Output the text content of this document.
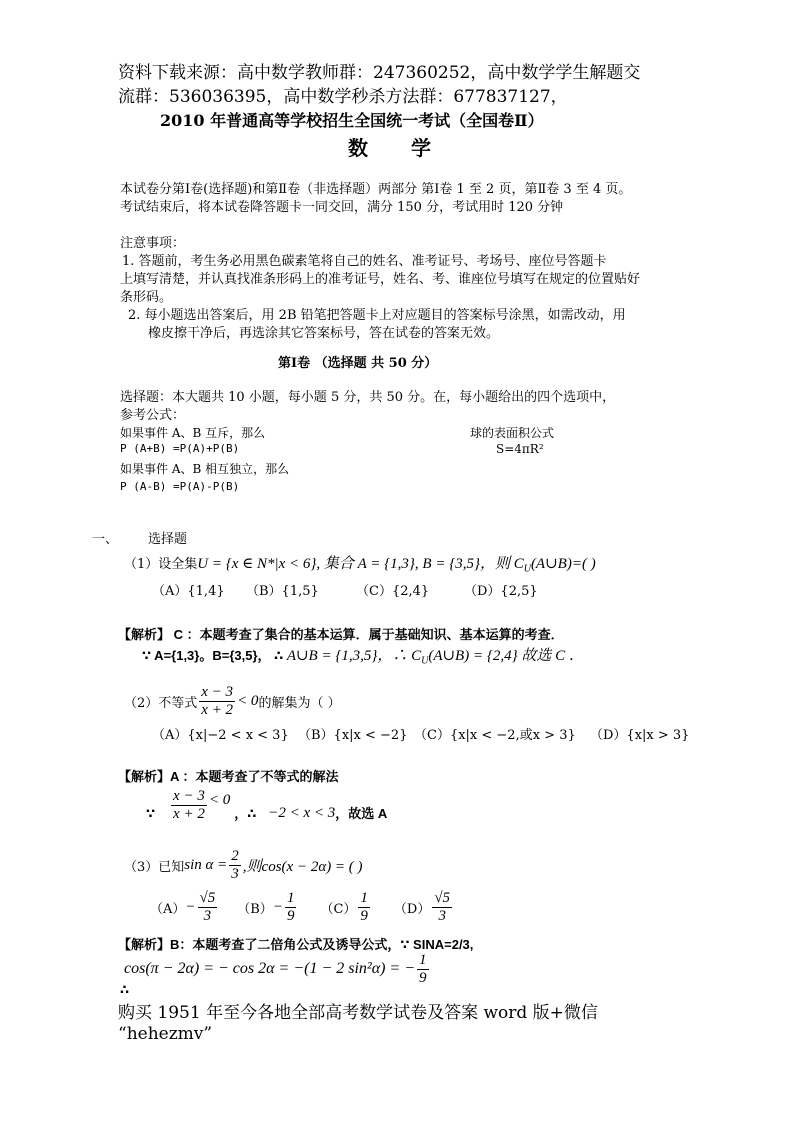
资料下载来源：高中数学教师群：247360252，高中数学学生解题交
流群：536036395，高中数学秒杀方法群：677837127，
2010 年普通高等学校招生全国统一考试（全国卷Ⅱ）
数 学
本试卷分第Ⅰ卷(选择题)和第Ⅱ卷（非选择题）两部分 第Ⅰ卷 1 至 2 页，第Ⅱ卷 3 至 4 页。
考试结束后，将本试卷降答题卡一同交回，满分 150 分，考试用时 120 分钟
注意事项：
1. 答题前，考生务必用黑色碳素笔将自己的姓名、准考证号、考场号、座位号答题卡
上填写清楚，并认真找准条形码上的准考证号，姓名、考、谁座位号填写在规定的位置贴好
条形码。
2. 每小题选出答案后，用 2B 铅笔把答题卡上对应题目的答案标号涂黑，如需改动，用
橡皮擦干净后，再选涂其它答案标号，答在试卷的答案无效。
第Ⅰ卷 （选择题 共 50 分）
选择题：本大题共 10 小题，每小题 5 分，共 50 分。在，每小题给出的四个选项中，
参考公式：
如果事件 A、B 互斥，那么
P (A+B) =P(A)+P(B)
如果事件 A、B 相互独立，那么
P (A-B) =P(A)-P(B)
球的表面积公式
S=4πR²
一、 选择题
（1）设全集U = {x ∈ N*|x < 6}, 集合 A = {1,3}, B = {3,5}，则 $C_U(A\cup B)=$( )
（A）{1,4} （B）{1,5}	（C）{2,4}	（D）{2,5}
【解析】 C ：本题考查了集合的基本运算．属于基础知识、基本运算的考查．
∵ A={1,3}。B={3,5}， ∴ A∪B = {1,3,5}，∴ $C_U(A\cup B) = \{2,4\}$ 故选 C ．
（2）不等式 $\frac{x - 3}{x + 2} < 0$ 的解集为（ ）
（A）{x|−2 < x < 3} （B）{x|x < −2} （C）{x|x < −2,或x > 3} （D）{x|x > 3}
【解析】A ：本题考查了不等式的解法
∵ $\frac{x - 3}{x + 2} < 0$
，∴ −2 < x < 3 ，故选 A
（3）已知 $\sin \alpha = \frac{2}{3}$ ,则cos(x − 2α) = ( )
$(A) - \frac{√5}{3} (B) - \frac{1}{9} (C) \frac{1}{9} (D) \frac{√5}{3}$
【解析】B：本题考查了二倍角公式及诱导公式，∵ SINA=2/3,
cos(π − 2α) = − cos 2α = −(1 − 2 sin²α) = − $\frac{1}{9}$
∴
购买 1951 年至今各地全部高考数学试卷及答案 word 版+微信
“hehezmv”
